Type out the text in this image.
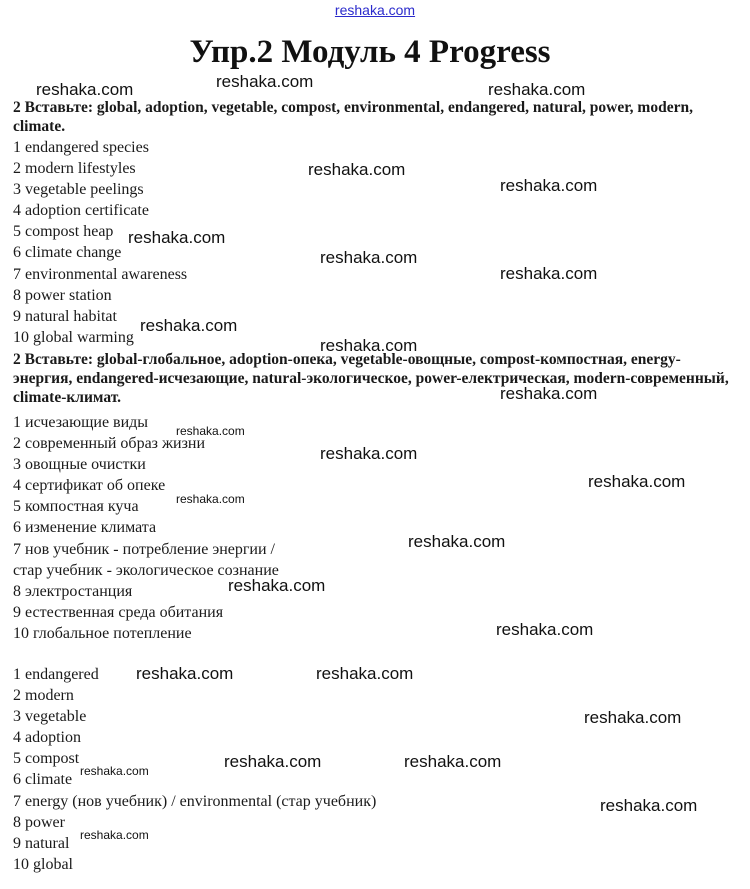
reshaka.com
Упр.2 Модуль 4 Progress

2 Вставьте: global, adoption, vegetable, compost, environmental, endangered, natural, power, modern, climate.

1 endangered species
2 modern lifestyles
3 vegetable peelings
4 adoption certificate
5 compost heap
6 climate change
7 environmental awareness
8 power station
9 natural habitat
10 global warming

2 Вставьте: global-глобальное, adoption-опека, vegetable-овощные, compost-компостная, energy-энергия, endangered-исчезающие, natural-экологическое, power-електрическая, modern-современный, climate-климат.

1 исчезающие виды
2 современный образ жизни
3 овощные очистки
4 сертификат об опеке
5 компостная куча
6 изменение климата
7 нов учебник - потребление энергии /
стар учебник - экологическое сознание
8 электростанция
9 естественная среда обитания
10 глобальное потепление
1 endangered
2 modern
3 vegetable
4 adoption
5 compost
6 climate
7 energy (нов учебник) / environmental (стар учебник)
8 power
9 natural
10 global
reshaka.com	reshaka.com	reshaka.com
reshaka.com
reshaka.com
reshaka.com
reshaka.com
reshaka.com
reshaka.com
reshaka.com
reshaka.com
reshaka.com
reshaka.com
reshaka.com
reshaka.com
reshaka.com
reshaka.com
reshaka.com
reshaka.com	reshaka.com
reshaka.com
reshaka.com	reshaka.com
reshaka.com
reshaka.com
reshaka.com
